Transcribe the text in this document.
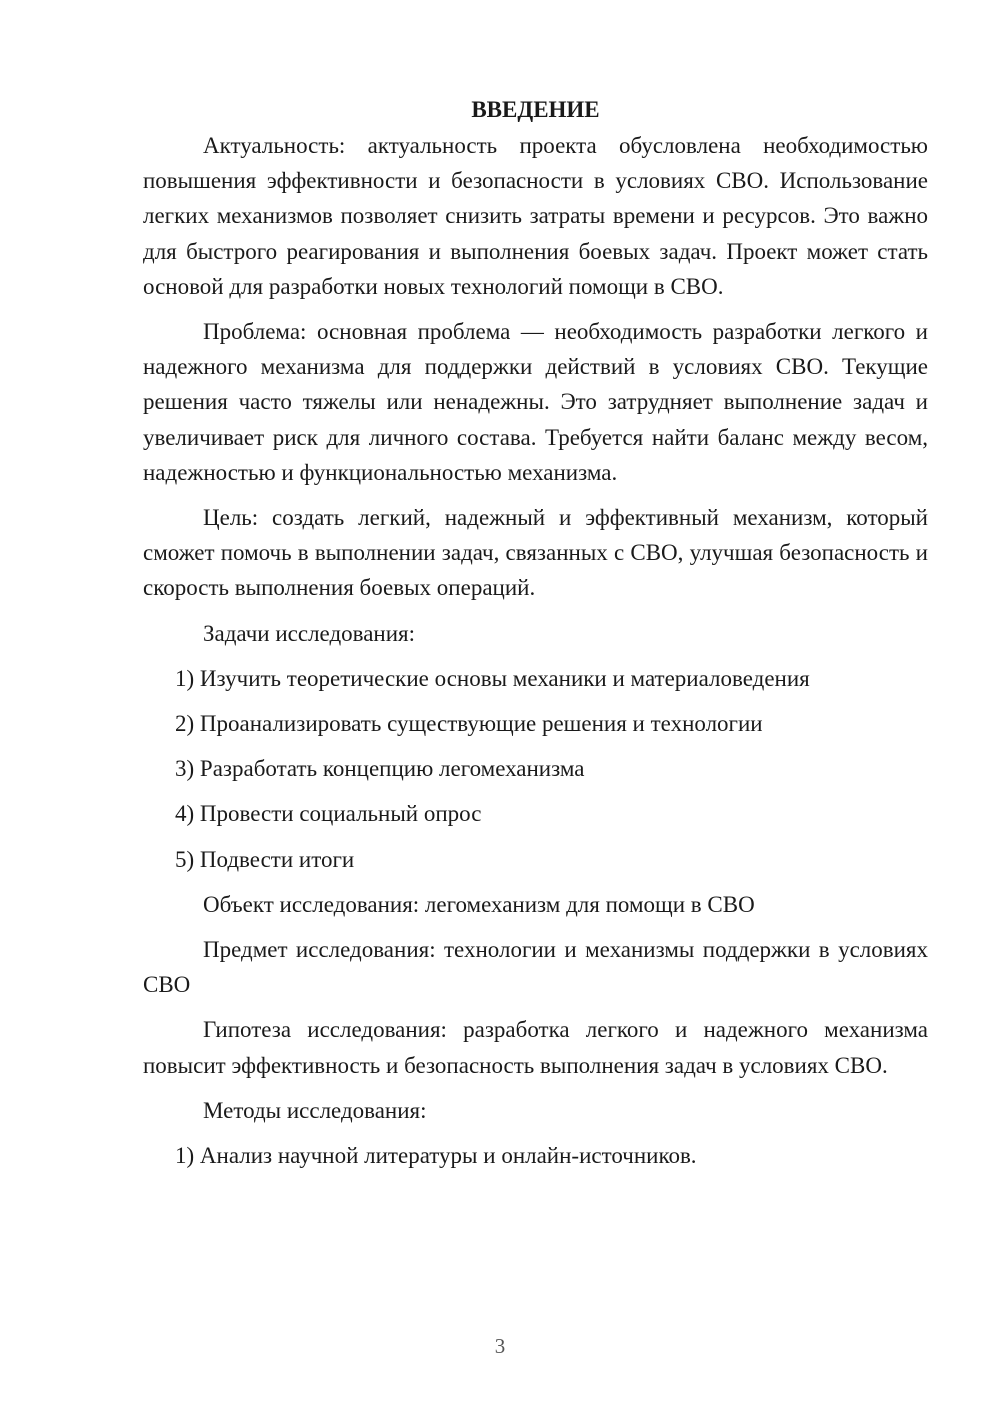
ВВЕДЕНИЕ

Актуальность: актуальность проекта обусловлена необходимостью повышения эффективности и безопасности в условиях СВО. Использование легких механизмов позволяет снизить затраты времени и ресурсов. Это важно для быстрого реагирования и выполнения боевых задач. Проект может стать основой для разработки новых технологий помощи в СВО.

Проблема: основная проблема — необходимость разработки легкого и надежного механизма для поддержки действий в условиях СВО. Текущие решения часто тяжелы или ненадежны. Это затрудняет выполнение задач и увеличивает риск для личного состава. Требуется найти баланс между весом, надежностью и функциональностью механизма.

Цель: создать легкий, надежный и эффективный механизм, который сможет помочь в выполнении задач, связанных с СВО, улучшая безопасность и скорость выполнения боевых операций.

Задачи исследования:

1) Изучить теоретические основы механики и материаловедения
2) Проанализировать существующие решения и технологии
3) Разработать концепцию легомеханизма
4) Провести социальный опрос
5) Подвести итоги

Объект исследования: легомеханизм для помощи в СВО

Предмет исследования: технологии и механизмы поддержки в условиях СВО

Гипотеза исследования: разработка легкого и надежного механизма повысит эффективность и безопасность выполнения задач в условиях СВО.

Методы исследования:

1) Анализ научной литературы и онлайн-источников.
3
